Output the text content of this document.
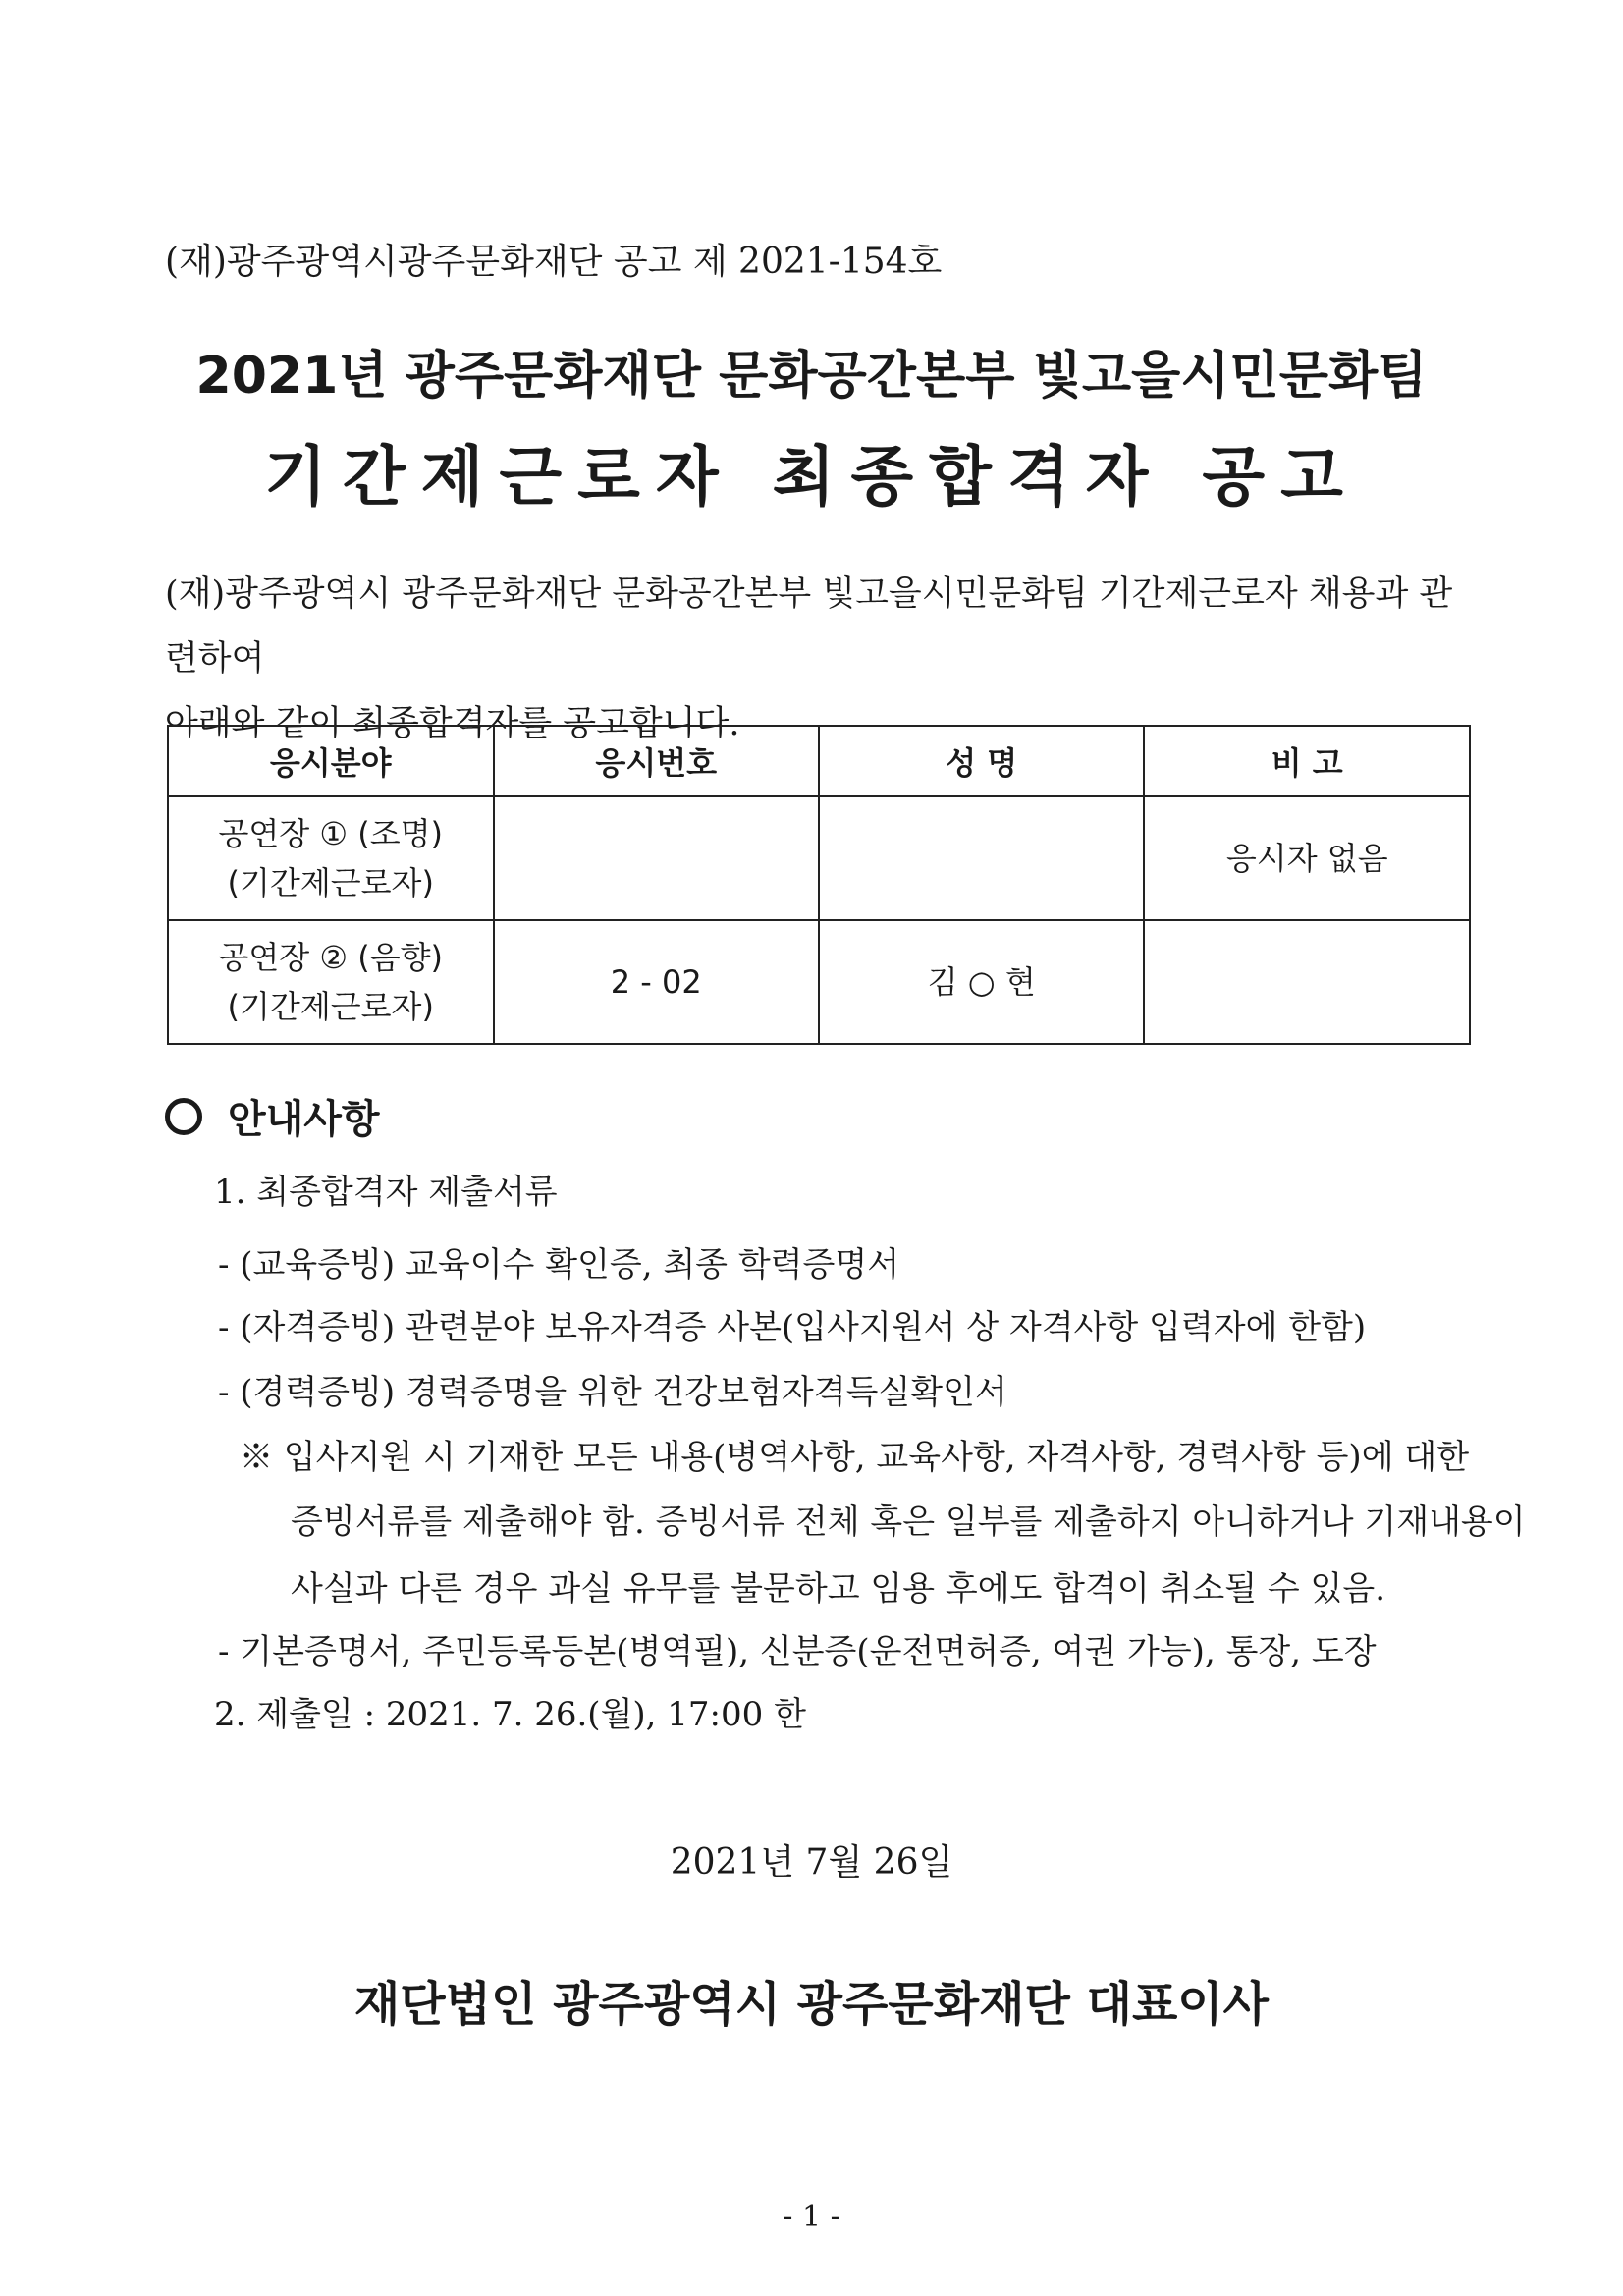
(재)광주광역시광주문화재단 공고 제 2021-154호
2021년 광주문화재단 문화공간본부 빛고을시민문화팀
기간제근로자 최종합격자 공고
(재)광주광역시 광주문화재단 문화공간본부 빛고을시민문화팀 기간제근로자 채용과 관련하여
아래와 같이 최종합격자를 공고합니다.
응시분야	응시번호	성 명	비 고

공연장 ① (조명)
(기간제근로자)			응시자 없음

공연장 ② (음향)
(기간제근로자)	2 - 02	김 ○ 현	
안내사항
1. 최종합격자 제출서류
- (교육증빙) 교육이수 확인증, 최종 학력증명서
- (자격증빙) 관련분야 보유자격증 사본(입사지원서 상 자격사항 입력자에 한함)
- (경력증빙) 경력증명을 위한 건강보험자격득실확인서
※ 입사지원 시 기재한 모든 내용(병역사항, 교육사항, 자격사항, 경력사항 등)에 대한
증빙서류를 제출해야 함. 증빙서류 전체 혹은 일부를 제출하지 아니하거나 기재내용이
사실과 다른 경우 과실 유무를 불문하고 임용 후에도 합격이 취소될 수 있음.
- 기본증명서, 주민등록등본(병역필), 신분증(운전면허증, 여권 가능), 통장, 도장
2. 제출일 : 2021. 7. 26.(월), 17:00 한
2021년 7월 26일
재단법인 광주광역시 광주문화재단 대표이사
- 1 -
